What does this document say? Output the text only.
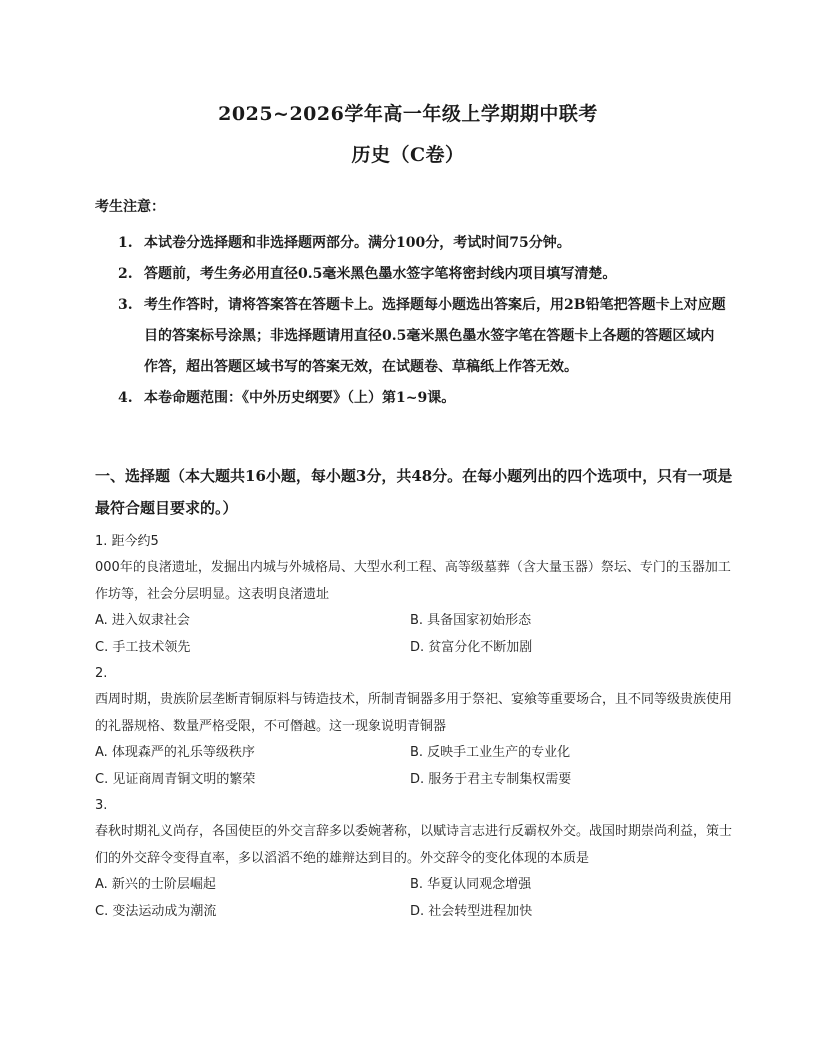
2025~2026学年高一年级上学期期中联考
历史（C卷）
考生注意：
1. 本试卷分选择题和非选择题两部分。满分100分，考试时间75分钟。
2. 答题前，考生务必用直径0.5毫米黑色墨水签字笔将密封线内项目填写清楚。
3. 考生作答时，请将答案答在答题卡上。选择题每小题选出答案后，用2B铅笔把答题卡上对应题目的答案标号涂黑；非选择题请用直径0.5毫米黑色墨水签字笔在答题卡上各题的答题区域内作答，超出答题区域书写的答案无效，在试题卷、草稿纸上作答无效。
4. 本卷命题范围：《中外历史纲要》（上）第1~9课。
一、选择题（本大题共16小题，每小题3分，共48分。在每小题列出的四个选项中，只有一项是最符合题目要求的。）

1. 距今约5

000年的良渚遗址，发掘出内城与外城格局、大型水利工程、高等级墓葬（含大量玉器）祭坛、专门的玉器加工作坊等，社会分层明显。这表明良渚遗址

A. 进入奴隶社会	B. 具备国家初始形态
C. 手工技术领先	D. 贫富分化不断加剧

2.

西周时期，贵族阶层垄断青铜原料与铸造技术，所制青铜器多用于祭祀、宴飨等重要场合，且不同等级贵族使用的礼器规格、数量严格受限，不可僭越。这一现象说明青铜器

A. 体现森严的礼乐等级秩序	B. 反映手工业生产的专业化
C. 见证商周青铜文明的繁荣	D. 服务于君主专制集权需要

3.

春秋时期礼义尚存，各国使臣的外交言辞多以委婉著称，以赋诗言志进行反霸权外交。战国时期崇尚利益，策士们的外交辞令变得直率，多以滔滔不绝的雄辩达到目的。外交辞令的变化体现的本质是

A. 新兴的士阶层崛起	B. 华夏认同观念增强
C. 变法运动成为潮流	D. 社会转型进程加快
